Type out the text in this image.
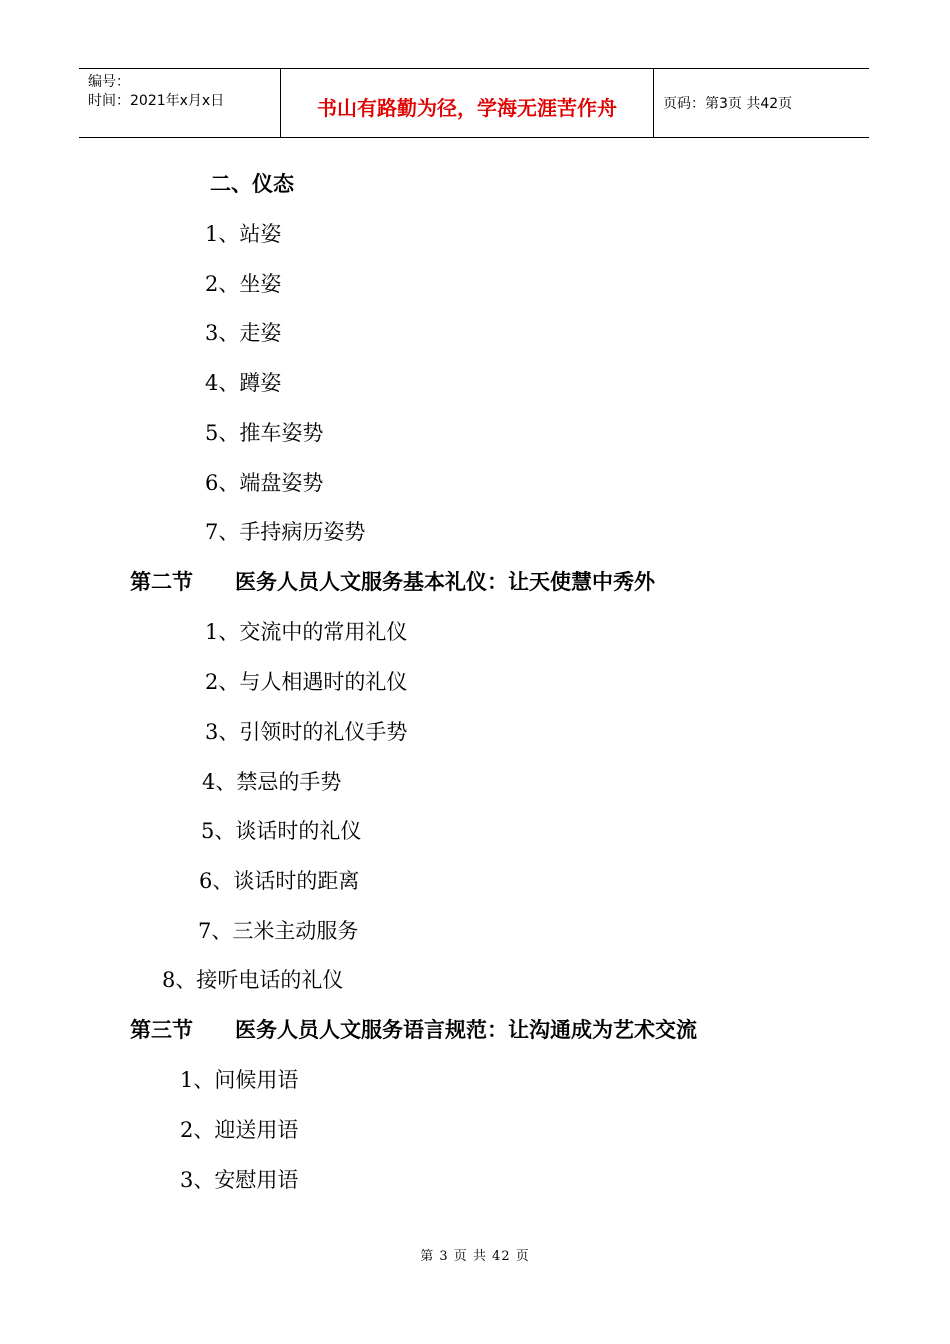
编号：
时间：2021年x月x日	书山有路勤为径，学海无涯苦作舟	页码：第3页 共42页
二、仪态
1、站姿
2、坐姿
3、走姿
4、蹲姿
5、推车姿势
6、端盘姿势
7、手持病历姿势
第二节　　医务人员人文服务基本礼仪：让天使慧中秀外
1、交流中的常用礼仪
2、与人相遇时的礼仪
3、引领时的礼仪手势
4、禁忌的手势
5、谈话时的礼仪
6、谈话时的距离
7、三米主动服务
8、接听电话的礼仪
第三节　　医务人员人文服务语言规范：让沟通成为艺术交流
1、问候用语
2、迎送用语
3、安慰用语
第 3 页 共 42 页
